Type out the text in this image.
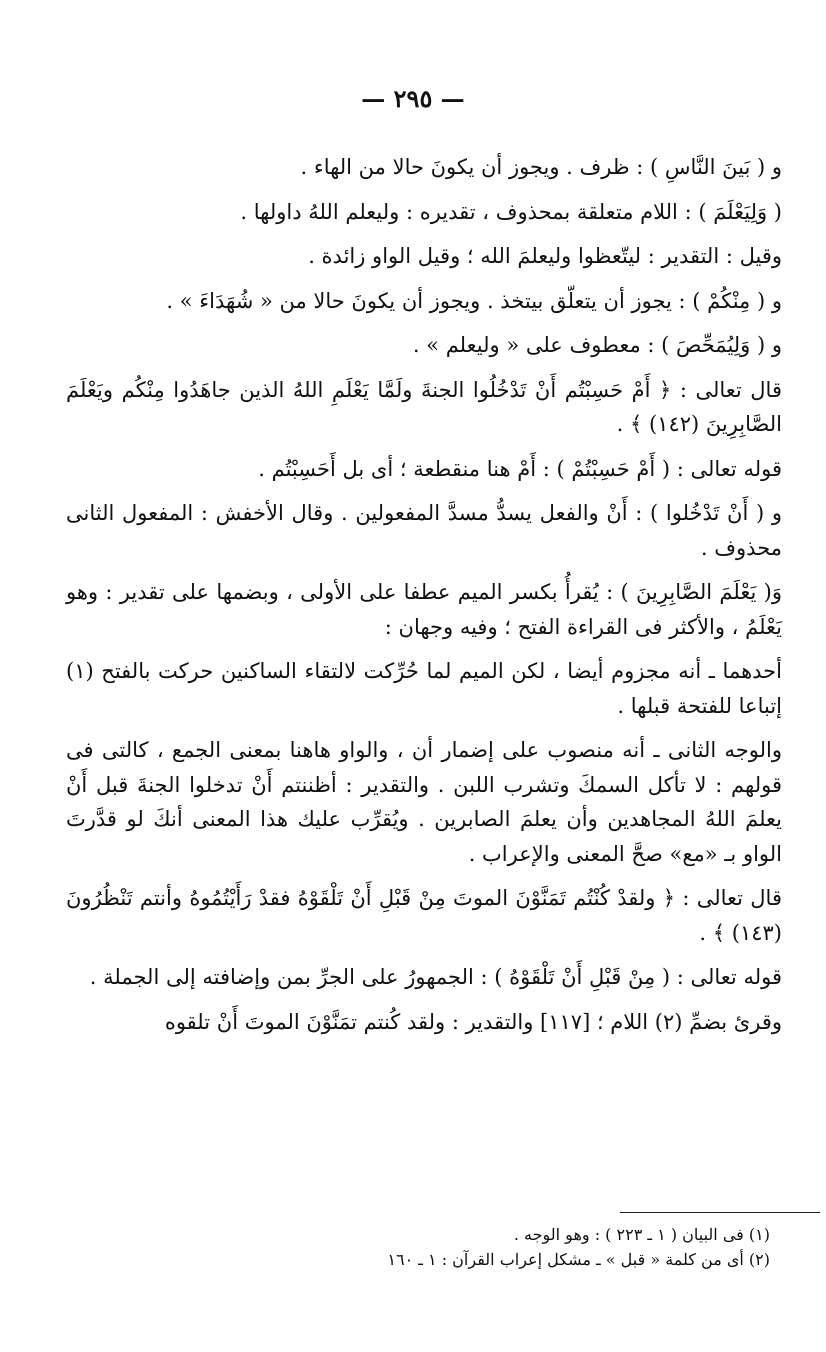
— ٢٩٥ —

و ( بَينَ النَّاسِ ) : ظرف . ويجوز أن يكونَ حالا من الهاء .

( وَلِيَعْلَمَ ) : اللام متعلقة بمحذوف ، تقديره : وليعلم اللهُ داولها .

وقيل : التقدير : ليتّعظوا وليعلمَ الله ؛ وقيل الواو زائدة .

و ( مِنْكُمْ ) : يجوز أن يتعلّق بيتخذ . ويجوز أن يكونَ حالا من « شُهَدَاءَ » .

و ( وَلِيُمَحِّصَ ) : معطوف على « وليعلم » .

قال تعالى : ﴿ أَمْ حَسِبْتُم أَنْ تَدْخُلُوا الجنةَ ولَمَّا يَعْلَمِ اللهُ الذين جاهَدُوا مِنْكُم ويَعْلَمَ الصَّابِرِينَ (١٤٢) ﴾ .

قوله تعالى : ( أَمْ حَسِبْتُمْ ) : أَمْ هنا منقطعة ؛ أى بل أَحَسِبْتُم .

و ( أَنْ تَدْخُلوا ) : أَنْ والفعل يسدُّ مسدَّ المفعولين . وقال الأخفش : المفعول الثانى محذوف .

وَ( يَعْلَمَ الصَّابِرِينَ ) : يُقرأُ بكسر الميم عطفا على الأولى ، وبضمها على تقدير : وهو يَعْلَمُ ، والأكثر فى القراءة الفتح ؛ وفيه وجهان :

أحدهما ـ أنه مجزوم أيضا ، لكن الميم لما حُرِّكت لالتقاء الساكنين حركت بالفتح (١) إتباعا للفتحة قبلها .

والوجه الثانى ـ أنه منصوب على إضمار أن ، والواو هاهنا بمعنى الجمع ، كالتى فى قولهم : لا تأكل السمكَ وتشرب اللبن . والتقدير : أظننتم أَنْ تدخلوا الجنةَ قبل أَنْ يعلمَ اللهُ المجاهدين وأن يعلمَ الصابرين . ويُقرِّب عليك هذا المعنى أنكَ لو قدَّرتَ الواو بـ «مع» صحَّ المعنى والإعراب .

قال تعالى : ﴿ ولقدْ كُنْتُم تَمَنَّوْنَ الموتَ مِنْ قَبْلِ أَنْ تَلْقَوْهُ فقدْ رَأَيْتُمُوهُ وأنتم تَنْظُرُونَ (١٤٣) ﴾ .

قوله تعالى : ( مِنْ قَبْلِ أَنْ تَلْقَوْهُ ) : الجمهورُ على الجرِّ بمن وإضافته إلى الجملة .

وقرئ بضمِّ (٢) اللام ؛ [١١٧] والتقدير : ولقد كُنتم تمَنَّوْنَ الموتَ أَنْ تلقوه

(١) فى البيان ( ١ ـ ٢٢٣ ) : وهو الوجه .

(٢) أى من كلمة « قبل » ـ مشكل إعراب القرآن : ١ ـ ١٦٠
